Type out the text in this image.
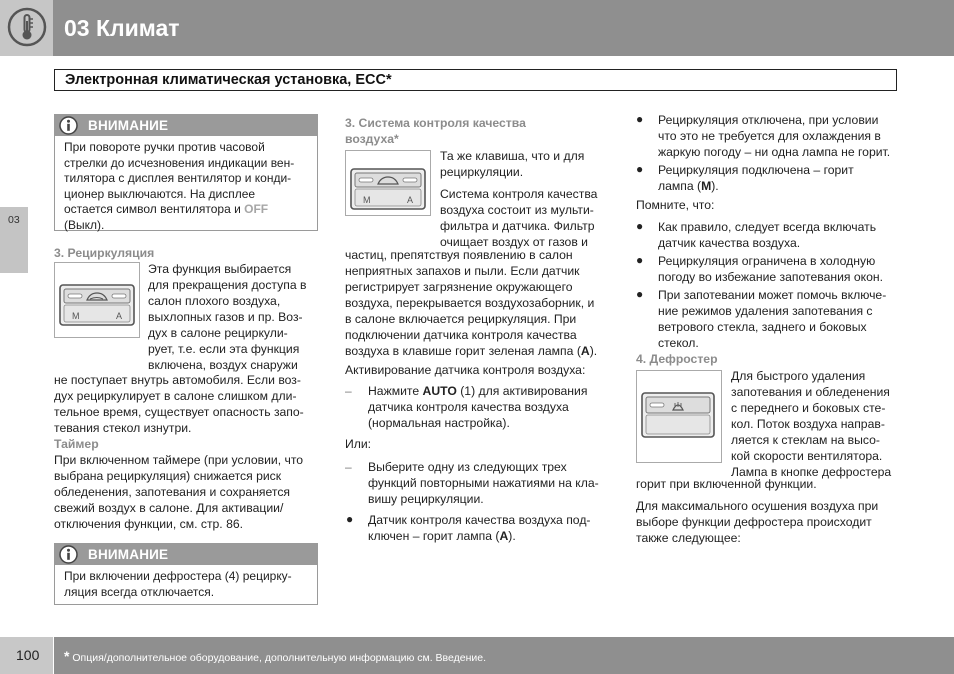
03 Климат
Электронная климатическая установка, ECC*
03
ВНИМАНИЕ
При повороте ручки против часовой
стрелки до исчезновения индикации вен-
тилятора с дисплея вентилятор и конди-
ционер выключаются. На дисплее
остается символ вентилятора и OFF
(Выкл).
3. Рециркуляция
M	A
Эта функция выбирается
для прекращения доступа в
салон плохого воздуха,
выхлопных газов и пр. Воз-
дух в салоне рециркули-
рует, т.е. если эта функция
включена, воздух снаружи
не поступает внутрь автомобиля. Если воз-
дух рециркулирует в салоне слишком дли-
тельное время, существует опасность запо-
тевания стекол изнутри.
Таймер
При включенном таймере (при условии, что
выбрана рециркуляция) снижается риск
обледенения, запотевания и сохраняется
свежий воздух в салоне. Для активации/
отключения функции, см. стр. 86.
ВНИМАНИЕ
При включении дефростера (4) рециркy-
ляция всегда отключается.
3. Система контроля качества
воздуха*
M	A
Та же клавиша, что и для
рециркуляции.
Система контроля качества
воздуха состоит из мульти-
фильтра и датчика. Фильтр
очищает воздух от газов и
частиц, препятствуя появлению в салон
неприятных запахов и пыли. Если датчик
регистрирует загрязнение окружающего
воздуха, перекрывается воздухозаборник, и
в салоне включается рециркуляция. При
подключении датчика контроля качества
воздуха в клавише горит зеленая лампа (A).
Активирование датчика контроля воздуха:
– Нажмите AUTO (1) для активирования
датчика контроля качества воздуха
(нормальная настройка).
Или:
– Выберите одну из следующих трех
функций повторными нажатиями на кла-
вишу рециркуляции.
● Датчик контроля качества воздуха под-
ключен – горит лампа (A).
● Рециркуляция отключена, при условии
что это не требуется для охлаждения в
жаркую погоду – ни одна лампа не горит.
● Рециркуляция подключена – горит
лампа (M).
Помните, что:
● Как правило, следует всегда включать
датчик качества воздуха.
● Рециркуляция ограничена в холодную
погоду во избежание запотевания окон.
● При запотевании может помочь включе-
ние режимов удаления запотевания с
ветрового стекла, заднего и боковых
стекол.
4. Дефростер
Для быстрого удаления
запотевания и обледенения
с переднего и боковых сте-
кол. Поток воздуха направ-
ляется к стеклам на высо-
кой скорости вентилятора.
Лампа в кнопке дефростера
горит при включенной функции.
Для максимального осушения воздуха при
выборе функции дефростера происходит
также следующее:
100 * Опция/дополнительное оборудование, дополнительную информацию см. Введение.
